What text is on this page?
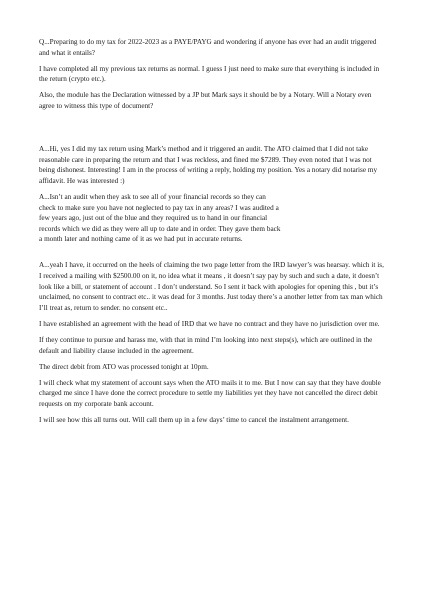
Q...Preparing to do my tax for 2022-2023 as a PAYE/PAYG and wondering if anyone has ever had an audit triggered and what it entails?

I have completed all my previous tax returns as normal. I guess I just need to make sure that everything is included in the return (crypto etc.).

Also, the module has the Declaration witnessed by a JP but Mark says it should be by a Notary. Will a Notary even agree to witness this type of document?

A...Hi, yes I did my tax return using Mark’s method and it triggered an audit. The ATO claimed that I did not take reasonable care in preparing the return and that I was reckless, and fined me $7289. They even noted that I was not being dishonest. Interesting! I am in the process of writing a reply, holding my position. Yes a notary did notarise my affidavit. He was interested :)

A...Isn’t an audit when they ask to see all of your financial records so they can check to make sure you have not neglected to pay tax in any areas? I was audited a few years ago, just out of the blue and they required us to hand in our financial records which we did as they were all up to date and in order. They gave them back a month later and nothing came of it as we had put in accurate returns.

A...yeah I have, it occurred on the heels of claiming the two page letter from the IRD lawyer’s was hearsay. which it is, I received a mailing with $2500.00 on it, no idea what it means , it doesn’t say pay by such and such a date, it doesn’t look like a bill, or statement of account . I don’t understand. So I sent it back with apologies for opening this , but it’s unclaimed, no consent to contract etc.. it was dead for 3 months. Just today there’s a another letter from tax man which I’ll treat as, return to sender. no consent etc..

I have established an agreement with the head of IRD that we have no contract and they have no jurisdiction over me.

If they continue to pursue and harass me, with that in mind I’m looking into next steps(s), which are outlined in the default and liability clause included in the agreement.

The direct debit from ATO was processed tonight at 10pm.

I will check what my statement of account says when the ATO mails it to me. But I now can say that they have double charged me since I have done the correct procedure to settle my liabilities yet they have not cancelled the direct debit requests on my corporate bank account.

I will see how this all turns out. Will call them up in a few days’ time to cancel the instalment arrangement.
